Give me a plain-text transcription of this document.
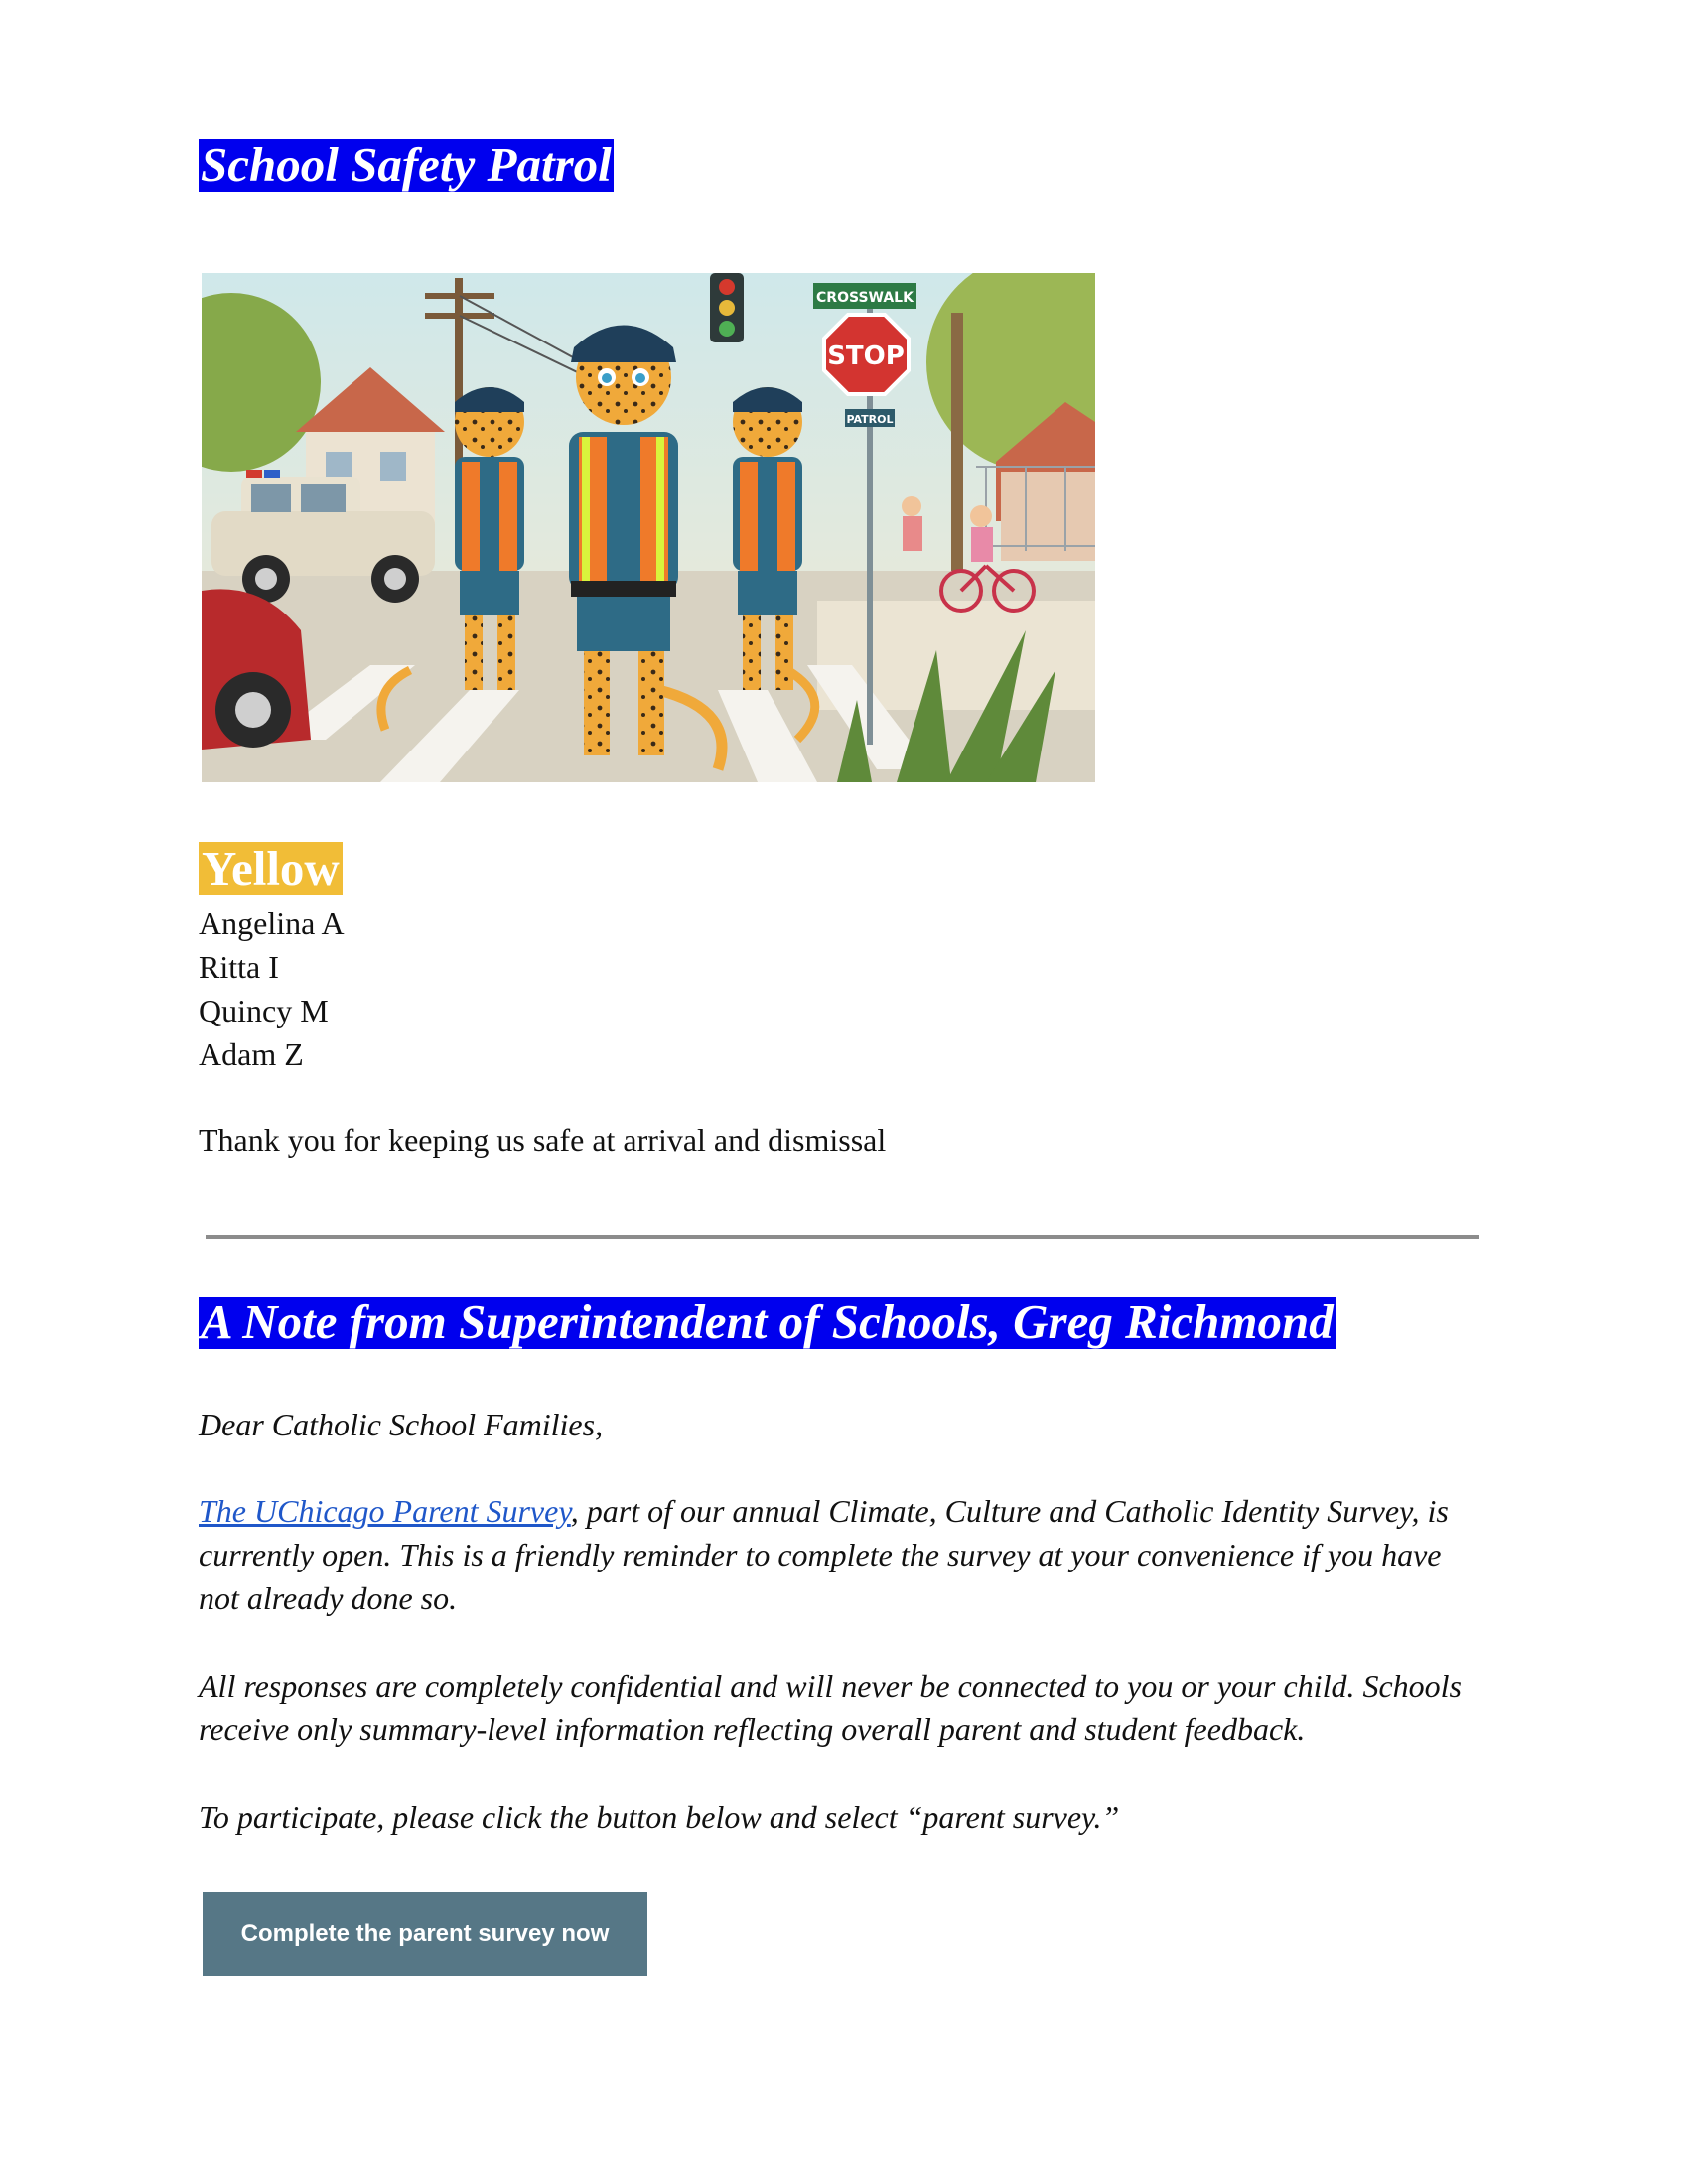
School Safety Patrol
CROSSWALK
STOP
PATROL
Yellow
Angelina A
Ritta I
Quincy M
Adam Z
Thank you for keeping us safe at arrival and dismissal
A Note from Superintendent of Schools, Greg Richmond
Dear Catholic School Families,
The UChicago Parent Survey, part of our annual Climate, Culture and Catholic Identity Survey, is currently open. This is a friendly reminder to complete the survey at your convenience if you have not already done so.
All responses are completely confidential and will never be connected to you or your child. Schools receive only summary-level information reflecting overall parent and student feedback.
To participate, please click the button below and select “parent survey.”
Complete the parent survey now
